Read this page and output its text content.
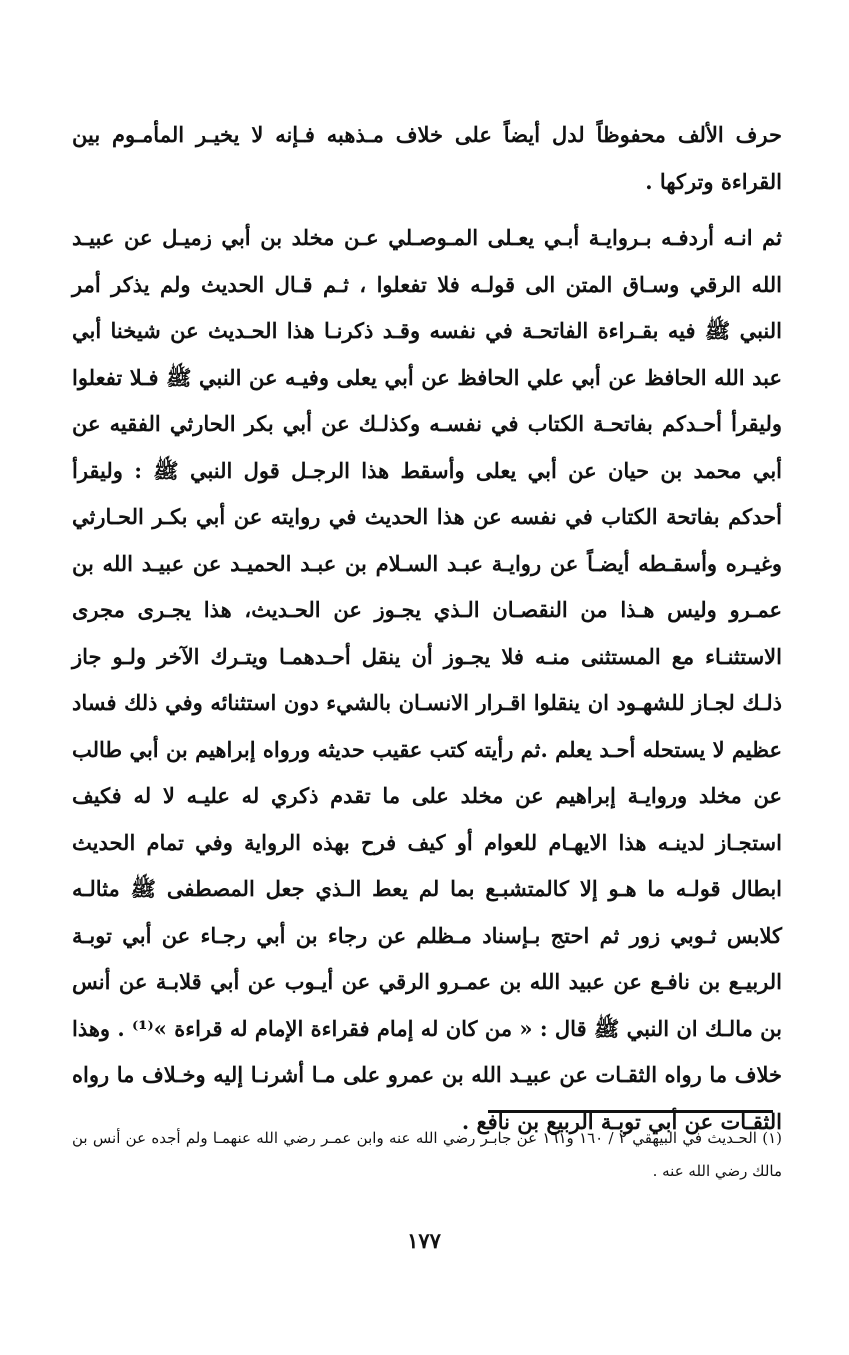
حرف الألف محفوظاً لدل أيضاً على خلاف مـذهبه فـإنه لا يخيـر المأمـوم بين القراءة وتركها .

ثم انـه أردفـه بـروايـة أبـي يعـلى المـوصـلي عـن مخلد بن أبي زميـل عن عبيـد الله الرقي وسـاق المتن الى قولـه فلا تفعلوا ، ثـم قـال الحديث ولم يذكر أمر النبي ﷺ فيه بقـراءة الفاتحـة في نفسه وقـد ذكرنـا هذا الحـديث عن شيخنا أبي عبد الله الحافظ عن أبي علي الحافظ عن أبي يعلى وفيـه عن النبي ﷺ فـلا تفعلوا وليقرأ أحـدكم بفاتحـة الكتاب في نفسـه وكذلـك عن أبي بكر الحارثي الفقيه عن أبي محمد بن حيان عن أبي يعلى وأسقط هذا الرجـل قول النبي ﷺ : وليقرأ أحدكم بفاتحة الكتاب في نفسه عن هذا الحديث في روايته عن أبي بكـر الحـارثي وغيـره وأسقـطه أيضـاً عن روايـة عبـد السـلام بن عبـد الحميـد عن عبيـد الله بن عمـرو وليس هـذا من النقصـان الـذي يجـوز عن الحـديث، هذا يجـرى مجرى الاستثنـاء مع المستثنى منـه فلا يجـوز أن ينقل أحـدهمـا ويتـرك الآخر ولـو جاز ذلـك لجـاز للشهـود ان ينقلوا اقـرار الانسـان بالشيء دون استثنائه وفي ذلك فساد عظيم لا يستحله أحـد يعلم .ثم رأيته كتب عقيب حديثه ورواه إبراهيم بن أبي طالب عن مخلد وروايـة إبراهيم عن مخلد على ما تقدم ذكري له عليـه لا له فكيف استجـاز لدينـه هذا الايهـام للعوام أو كيف فرح بهذه الرواية وفي تمام الحديث ابطال قولـه ما هـو إلا كالمتشبـع بما لم يعط الـذي جعل المصطفى ﷺ مثالـه كلابس ثـوبي زور ثم احتج بـإسناد مـظلم عن رجاء بن أبي رجـاء عن أبي توبـة الربيـع بن نافـع عن عبيد الله بن عمـرو الرقي عن أيـوب عن أبي قلابـة عن أنس بن مالـك ان النبي ﷺ قال : « من كان له إمام فقراءة الإمام له قراءة »⁽¹⁾ . وهذا خلاف ما رواه الثقـات عن عبيـد الله بن عمرو على مـا أشرنـا إليه وخـلاف ما رواه الثقـات عن أبي توبـة الربيع بن نافع .

(١) الحـديث في البيهقي ٢ / ١٦٠ و١٦١ عن جابـر رضي الله عنه وابن عمـر رضي الله عنهمـا ولم أجده عن أنس بن مالك رضي الله عنه .

١٧٧
